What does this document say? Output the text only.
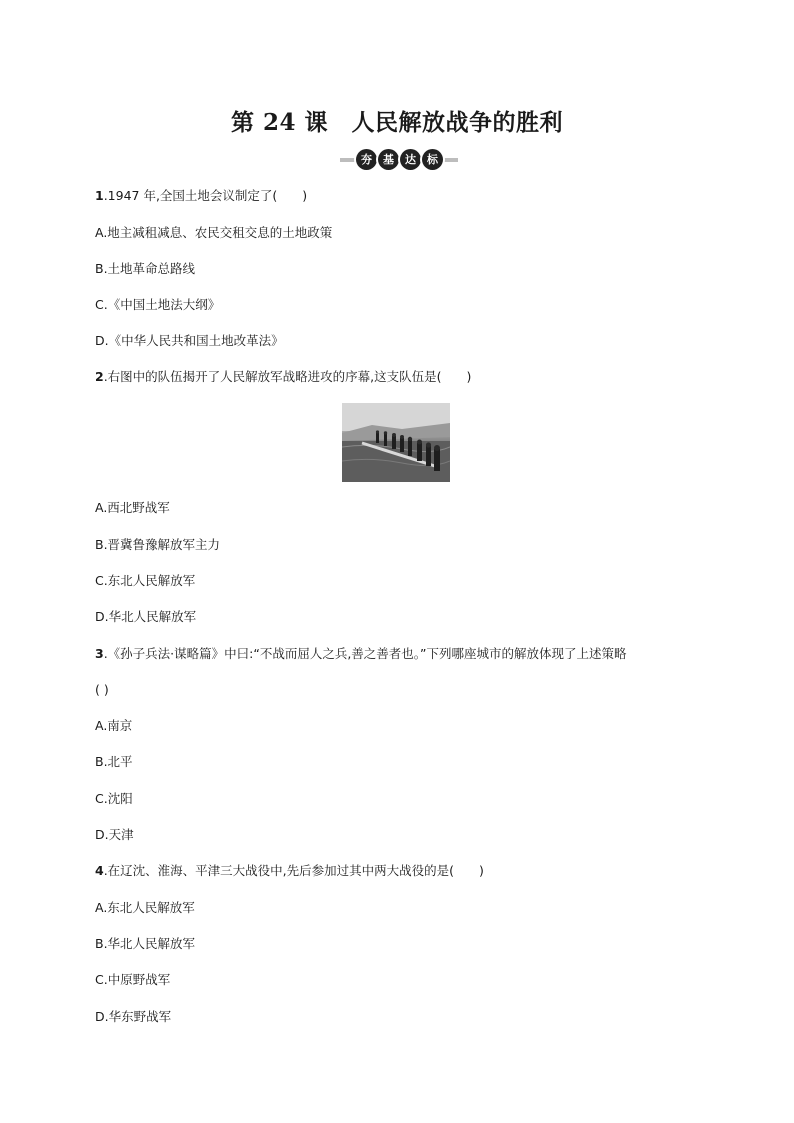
第 24 课　人民解放战争的胜利
夯	基	达	标
1.1947 年,全国土地会议制定了(　　)
A.地主减租减息、农民交租交息的土地政策
B.土地革命总路线
C.《中国土地法大纲》
D.《中华人民共和国土地改革法》
2.右图中的队伍揭开了人民解放军战略进攻的序幕,这支队伍是(　　)
A.西北野战军
B.晋冀鲁豫解放军主力
C.东北人民解放军
D.华北人民解放军
3.《孙子兵法·谋略篇》中曰:“不战而屈人之兵,善之善者也。”下列哪座城市的解放体现了上述策略
( )
A.南京
B.北平
C.沈阳
D.天津
4.在辽沈、淮海、平津三大战役中,先后参加过其中两大战役的是(　　)
A.东北人民解放军
B.华北人民解放军
C.中原野战军
D.华东野战军
